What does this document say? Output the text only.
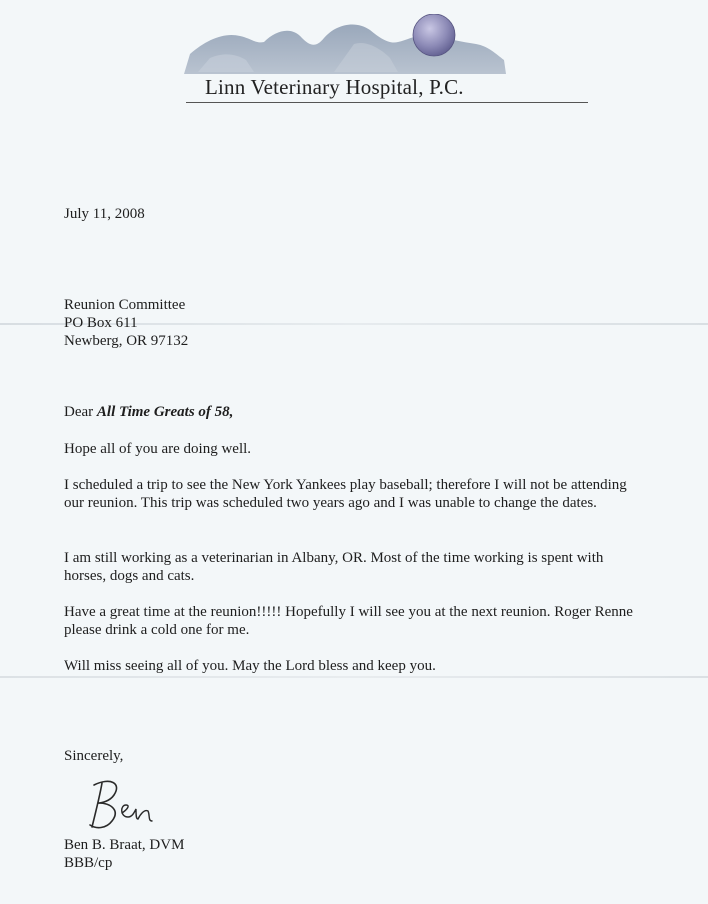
Linn Veterinary Hospital, P.C.
July 11, 2008
Reunion Committee
PO Box 611
Newberg, OR 97132
Dear All Time Greats of 58,
Hope all of you are doing well.
I scheduled a trip to see the New York Yankees play baseball; therefore I will not be attending our reunion. This trip was scheduled two years ago and I was unable to change the dates.
I am still working as a veterinarian in Albany, OR. Most of the time working is spent with horses, dogs and cats.
Have a great time at the reunion!!!!! Hopefully I will see you at the next reunion. Roger Renne please drink a cold one for me.
Will miss seeing all of you. May the Lord bless and keep you.
Sincerely,
Ben B. Braat, DVM
BBB/cp
